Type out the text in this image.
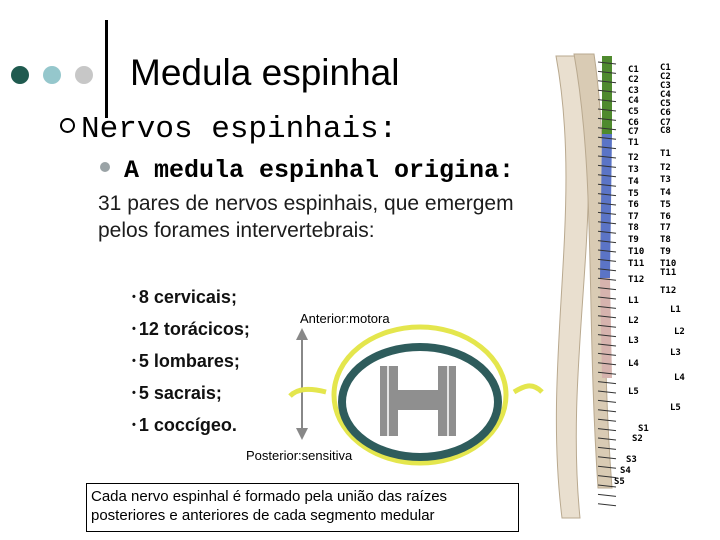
Medula espinhal
Nervos espinhais:
A medula espinhal origina:
31 pares de nervos espinhais, que emergem pelos forames intervertebrais:
• 8 cervicais;
• 12 torácicos;
• 5 lombares;
• 5 sacrais;
• 1 coccígeo.
Anterior:motora
Posterior:sensitiva
Cada nervo espinhal é formado pela união das raízes posteriores e anteriores de cada segmento medular
C1
C2
C3
C4
C5
C6
C7
T1
T2
T3
T4
T5
T6
T7
T8
T9
T10
T11
T12
L1
L2
L3
L4
L5
S1
S2
S3
S4
S5
C1
C2
C3
C4
C5
C6
C7
C8
T1
T2
T3
T4
T5
T6
T7
T8
T9
T10
T11
T12
L1
L2
L3
L4
L5
